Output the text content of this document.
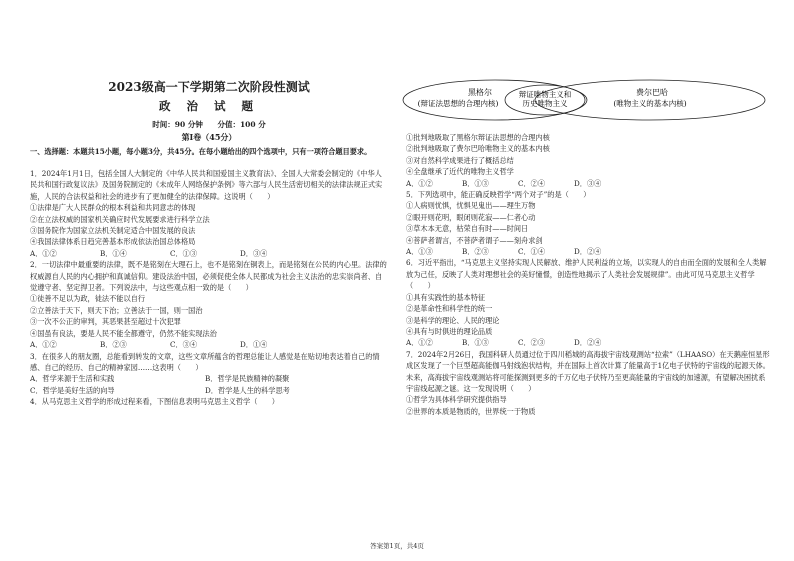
2023级高一下学期第二次阶段性测试
政 治 试 题
时间：90 分钟 分值：100 分
第Ⅰ卷（45分）
一、选择题：本题共15小题，每小题3分，共45分。在每小题给出的四个选项中，只有一项符合题目要求。

1．2024年1月1日，包括全国人大制定的《中华人民共和国爱国主义教育法》、全国人大常委会制定的《中华人民共和国行政复议法》及国务院制定的《未成年人网络保护条例》等六部与人民生活密切相关的法律法规正式实施，人民的合法权益和社会的进步有了更加健全的法律保障。这说明（　　）

①法律是广大人民群众的根本利益和共同意志的体现

②在立法权威的国家机关确应时代发展要求进行科学立法

③国务院作为国家立法机关制定适合中国发展的良法

④我国法律体系日趋完善基本形成依法治国总体格局

A．①②	B．①④	C．①③	D．③④

2．一切法律中最重要的法律，既不是铭刻在大理石上，也不是铭刻在铜表上，而是铭刻在公民的内心里。法律的权威源自人民的内心拥护和真诚信仰。建设法治中国，必须促使全体人民都成为社会主义法治的忠实崇尚者、自觉遵守者、坚定捍卫者。下列说法中，与这些观点相一致的是（　　）

①徒善不足以为政，徒法不能以自行

②立善法于天下，则天下治；立善法于一国，则一国治

③一次不公正的审判，其恶果甚至超过十次犯罪

④国虽有良法，要是人民不能全都遵守，仍然不能实现法治

A．①②	B．②③	C．③④	D．①④

3．在很多人的朋友圈，总能看到转发的文章，这些文章所蕴含的哲理总能让人感觉是在贴切地表达着自己的情感、自己的经历、自己的精神家园……这表明（　　）

A．哲学来源于生活和实践	B．哲学是民族精神的凝聚
C．哲学是美好生活的向导	D．哲学是人生的科学思考

4．从马克思主义哲学的形成过程来看，下图信息表明马克思主义哲学（　　）

黑格尔
(辩证法思想的合理内核)
辩证唯物主义和
历史唯物主义
费尔巴哈
(唯物主义的基本内核)

①批判地吸取了黑格尔辩证法思想的合理内核

②批判地吸取了费尔巴哈唯物主义的基本内核

③对自然科学成果进行了概括总结

④全盘继承了近代的唯物主义哲学

A．①②	B．①③	C．②④	D．③④

5．下列选项中，能正确反映哲学“两个对子”的是（　　）

①人病则忧惧，忧惧见鬼出——理生万物

②眼开则花明，眼闭则花寂——仁者心动

③草木本无意，枯荣自有时——时间日

④菩萨者谓言，不菩萨者谓子——刻舟求剑

A．①③	B．②③	C．①④	D．②④

6．习近平指出，“马克思主义坚持实现人民解放、维护人民利益的立场，以实现人的自由而全面的发展和全人类解放为己任，反映了人类对理想社会的美好憧憬，创造性地揭示了人类社会发展规律”。由此可见马克思主义哲学（　　）

①具有实践性的基本特征

②是革命性和科学性的统一

③是科学的理论、人民的理论

④具有与时俱进的理论品质

A．①②	B．①③	C．②③	D．②④

7．2024年2月26日，我国科研人员通过位于四川稻城的高海拔宇宙线观测站“拉索”（LHAASO）在天鹅座恒星形成区发现了一个巨型超高能伽马射线泡状结构，并在国际上首次计算了能量高于1亿电子伏特的宇宙线的起源天体。未来，高海拔宇宙线观测站将可能探测到更多的千万亿电子伏特乃至更高能量的宇宙线的加速源，有望解决困扰系宇宙线起源之谜。这一发现说明（　　）

①哲学为具体科学研究提供指导

②世界的本质是物质的，世界统一于物质

答案第1页，共4页
